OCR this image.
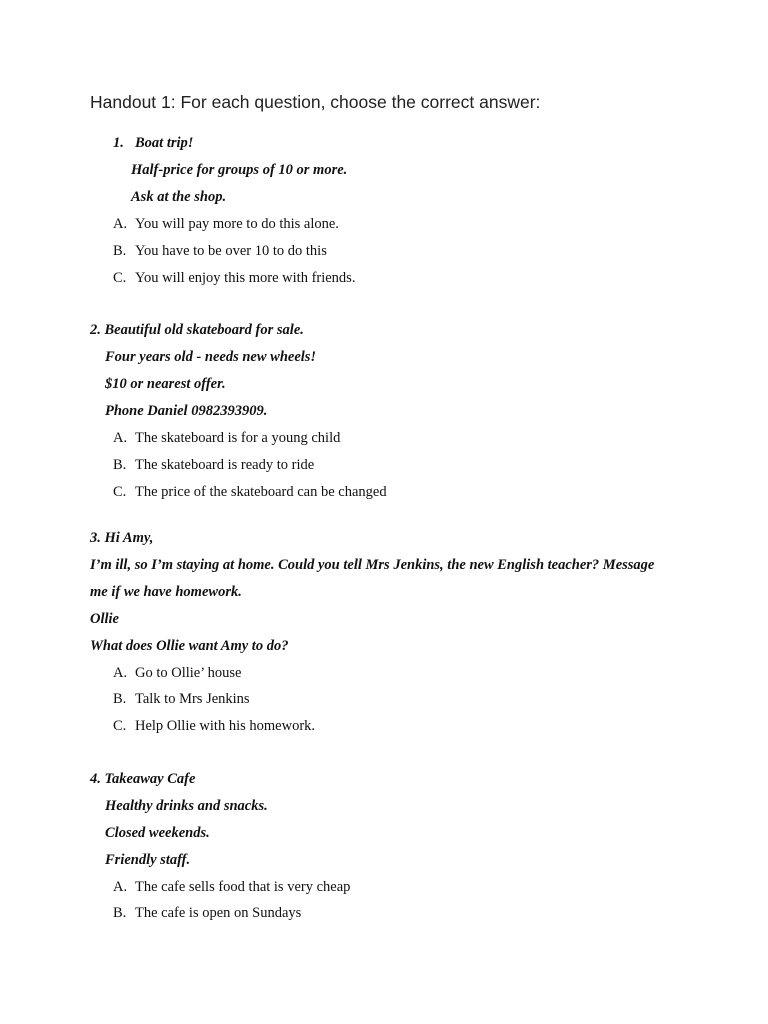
Handout 1: For each question, choose the correct answer:
1. Boat trip!
Half-price for groups of 10 or more.
Ask at the shop.
A. You will pay more to do this alone.
B. You have to be over 10 to do this
C. You will enjoy this more with friends.
2. Beautiful old skateboard for sale.
Four years old - needs new wheels!
$10 or nearest offer.
Phone Daniel 0982393909.
A. The skateboard is for a young child
B. The skateboard is ready to ride
C. The price of the skateboard can be changed
3. Hi Amy,
I’m ill, so I’m staying at home. Could you tell Mrs Jenkins, the new English teacher? Message
me if we have homework.
Ollie
What does Ollie want Amy to do?
A. Go to Ollie’ house
B. Talk to Mrs Jenkins
C. Help Ollie with his homework.
4. Takeaway Cafe
Healthy drinks and snacks.
Closed weekends.
Friendly staff.
A. The cafe sells food that is very cheap
B. The cafe is open on Sundays
